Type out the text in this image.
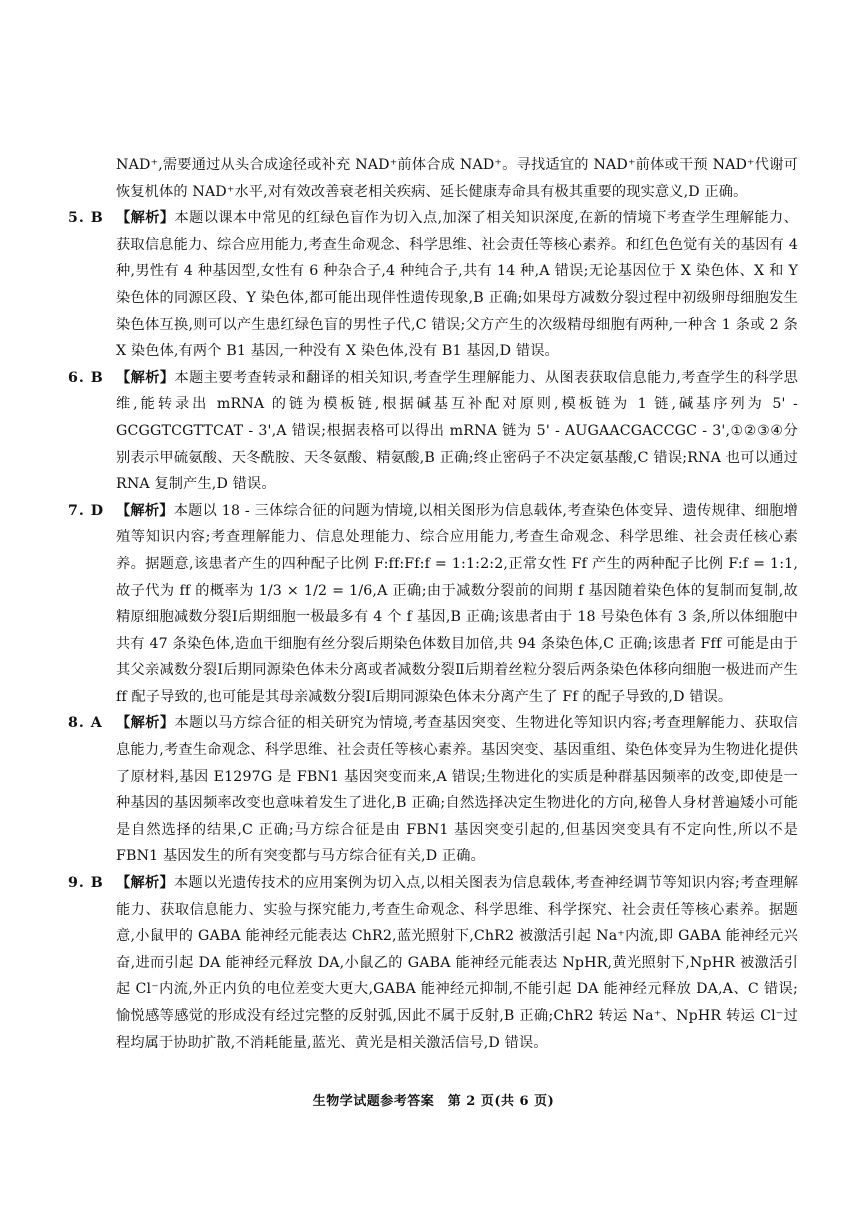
NAD⁺,需要通过从头合成途径或补充 NAD⁺前体合成 NAD⁺。寻找适宜的 NAD⁺前体或干预 NAD⁺代谢可恢复机体的 NAD⁺水平,对有效改善衰老相关疾病、延长健康寿命具有极其重要的现实意义,D 正确。

5. B 【解析】本题以课本中常见的红绿色盲作为切入点,加深了相关知识深度,在新的情境下考查学生理解能力、获取信息能力、综合应用能力,考查生命观念、科学思维、社会责任等核心素养。和红色色觉有关的基因有 4 种,男性有 4 种基因型,女性有 6 种杂合子,4 种纯合子,共有 14 种,A 错误;无论基因位于 X 染色体、X 和 Y 染色体的同源区段、Y 染色体,都可能出现伴性遗传现象,B 正确;如果母方减数分裂过程中初级卵母细胞发生染色体互换,则可以产生患红绿色盲的男性子代,C 错误;父方产生的次级精母细胞有两种,一种含 1 条或 2 条 X 染色体,有两个 B1 基因,一种没有 X 染色体,没有 B1 基因,D 错误。
6. B 【解析】本题主要考查转录和翻译的相关知识,考查学生理解能力、从图表获取信息能力,考查学生的科学思维,能转录出 mRNA 的链为模板链,根据碱基互补配对原则,模板链为 1 链,碱基序列为 5' - GCGGTCGTTCAT - 3',A 错误;根据表格可以得出 mRNA 链为 5' - AUGAACGACCGC - 3',①②③④分别表示甲硫氨酸、天冬酰胺、天冬氨酸、精氨酸,B 正确;终止密码子不决定氨基酸,C 错误;RNA 也可以通过 RNA 复制产生,D 错误。
7. D 【解析】本题以 18 - 三体综合征的问题为情境,以相关图形为信息载体,考查染色体变异、遗传规律、细胞增殖等知识内容;考查理解能力、信息处理能力、综合应用能力,考查生命观念、科学思维、社会责任核心素养。据题意,该患者产生的四种配子比例 F:ff:Ff:f = 1:1:2:2,正常女性 Ff 产生的两种配子比例 F:f = 1:1,故子代为 ff 的概率为 1/3 × 1/2 = 1/6,A 正确;由于减数分裂前的间期 f 基因随着染色体的复制而复制,故精原细胞减数分裂Ⅰ后期细胞一极最多有 4 个 f 基因,B 正确;该患者由于 18 号染色体有 3 条,所以体细胞中共有 47 条染色体,造血干细胞有丝分裂后期染色体数目加倍,共 94 条染色体,C 正确;该患者 Fff 可能是由于其父亲减数分裂Ⅰ后期同源染色体未分离或者减数分裂Ⅱ后期着丝粒分裂后两条染色体移向细胞一极进而产生 ff 配子导致的,也可能是其母亲减数分裂Ⅰ后期同源染色体未分离产生了 Ff 的配子导致的,D 错误。
8. A 【解析】本题以马方综合征的相关研究为情境,考查基因突变、生物进化等知识内容;考查理解能力、获取信息能力,考查生命观念、科学思维、社会责任等核心素养。基因突变、基因重组、染色体变异为生物进化提供了原材料,基因 E1297G 是 FBN1 基因突变而来,A 错误;生物进化的实质是种群基因频率的改变,即使是一种基因的基因频率改变也意味着发生了进化,B 正确;自然选择决定生物进化的方向,秘鲁人身材普遍矮小可能是自然选择的结果,C 正确;马方综合征是由 FBN1 基因突变引起的,但基因突变具有不定向性,所以不是 FBN1 基因发生的所有突变都与马方综合征有关,D 正确。
9. B 【解析】本题以光遗传技术的应用案例为切入点,以相关图表为信息载体,考查神经调节等知识内容;考查理解能力、获取信息能力、实验与探究能力,考查生命观念、科学思维、科学探究、社会责任等核心素养。据题意,小鼠甲的 GABA 能神经元能表达 ChR2,蓝光照射下,ChR2 被激活引起 Na⁺内流,即 GABA 能神经元兴奋,进而引起 DA 能神经元释放 DA,小鼠乙的 GABA 能神经元能表达 NpHR,黄光照射下,NpHR 被激活引起 Cl⁻内流,外正内负的电位差变大更大,GABA 能神经元抑制,不能引起 DA 能神经元释放 DA,A、C 错误;愉悦感等感觉的形成没有经过完整的反射弧,因此不属于反射,B 正确;ChR2 转运 Na⁺、NpHR 转运 Cl⁻过程均属于协助扩散,不消耗能量,蓝光、黄光是相关激活信号,D 错误。
生物学试题参考答案　第 2 页(共 6 页)
